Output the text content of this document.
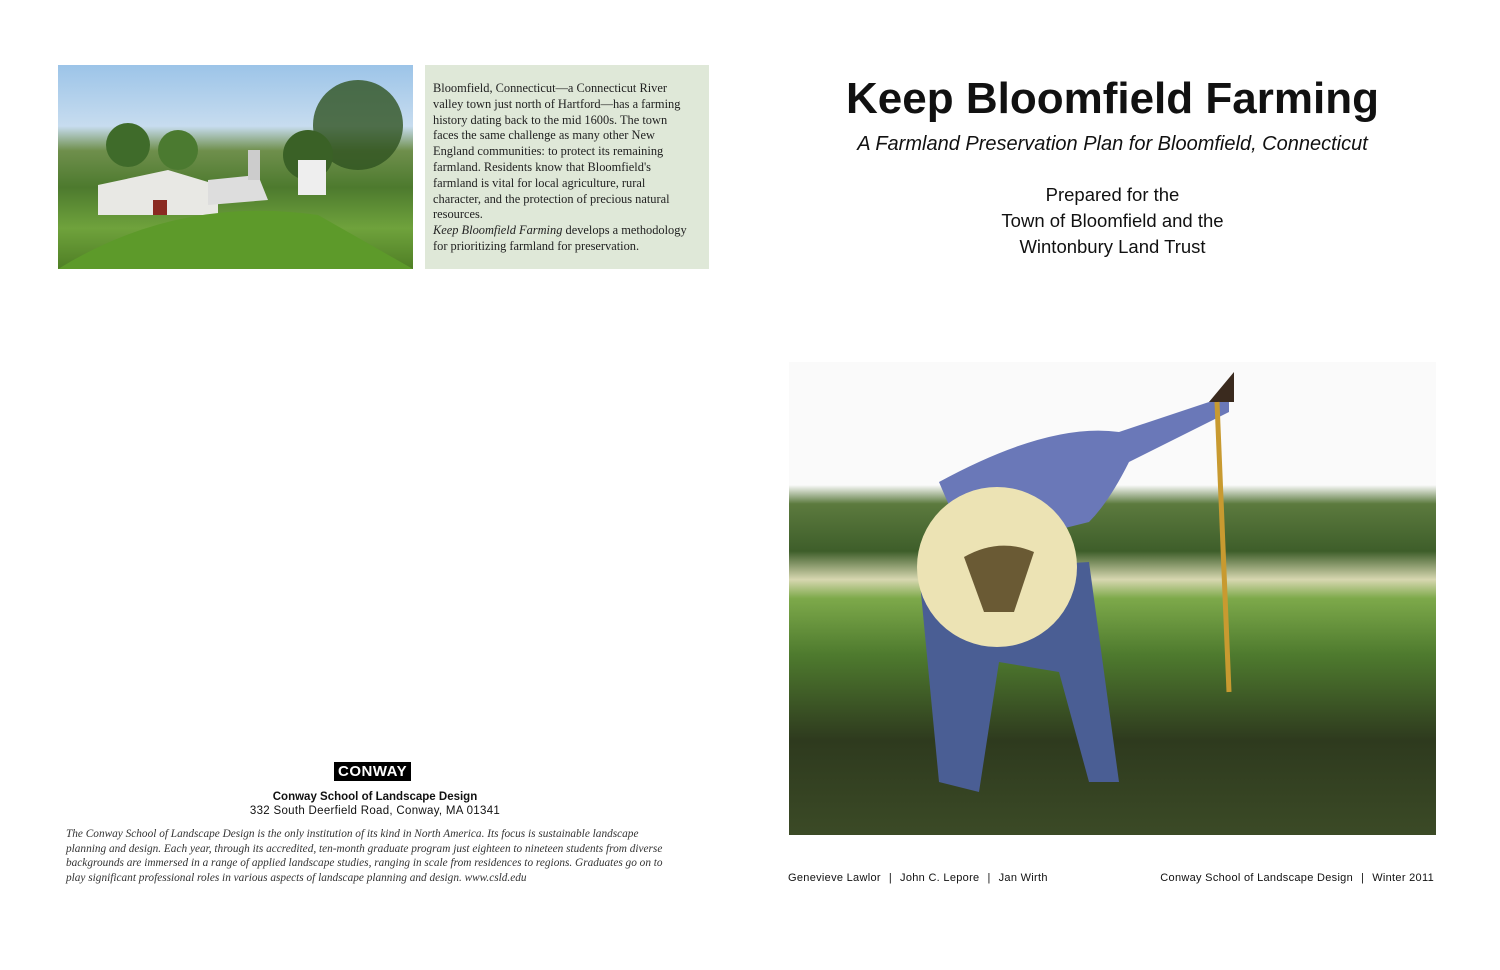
Bloomfield, Connecticut—a Connecticut River
valley town just north of Hartford—has a farming
history dating back to the mid 1600s. The town
faces the same challenge as many other New
England communities: to protect its remaining
farmland. Residents know that Bloomfield's
farmland is vital for local agriculture, rural
character, and the protection of precious natural
resources.
Keep Bloomfield Farming develops a methodology
for prioritizing farmland for preservation.
Keep Bloomfield Farming
A Farmland Preservation Plan for Bloomfield, Connecticut
Prepared for the
Town of Bloomfield and the
Wintonbury Land Trust
Genevieve Lawlor | John C. Lepore | Jan Wirth	Conway School of Landscape Design | Winter 2011
CONWAY
Conway School of Landscape Design
332 South Deerfield Road, Conway, MA 01341
The Conway School of Landscape Design is the only institution of its kind in North America. Its focus is sustainable landscape
planning and design. Each year, through its accredited, ten-month graduate program just eighteen to nineteen students from diverse
backgrounds are immersed in a range of applied landscape studies, ranging in scale from residences to regions. Graduates go on to
play significant professional roles in various aspects of landscape planning and design. www.csld.edu
